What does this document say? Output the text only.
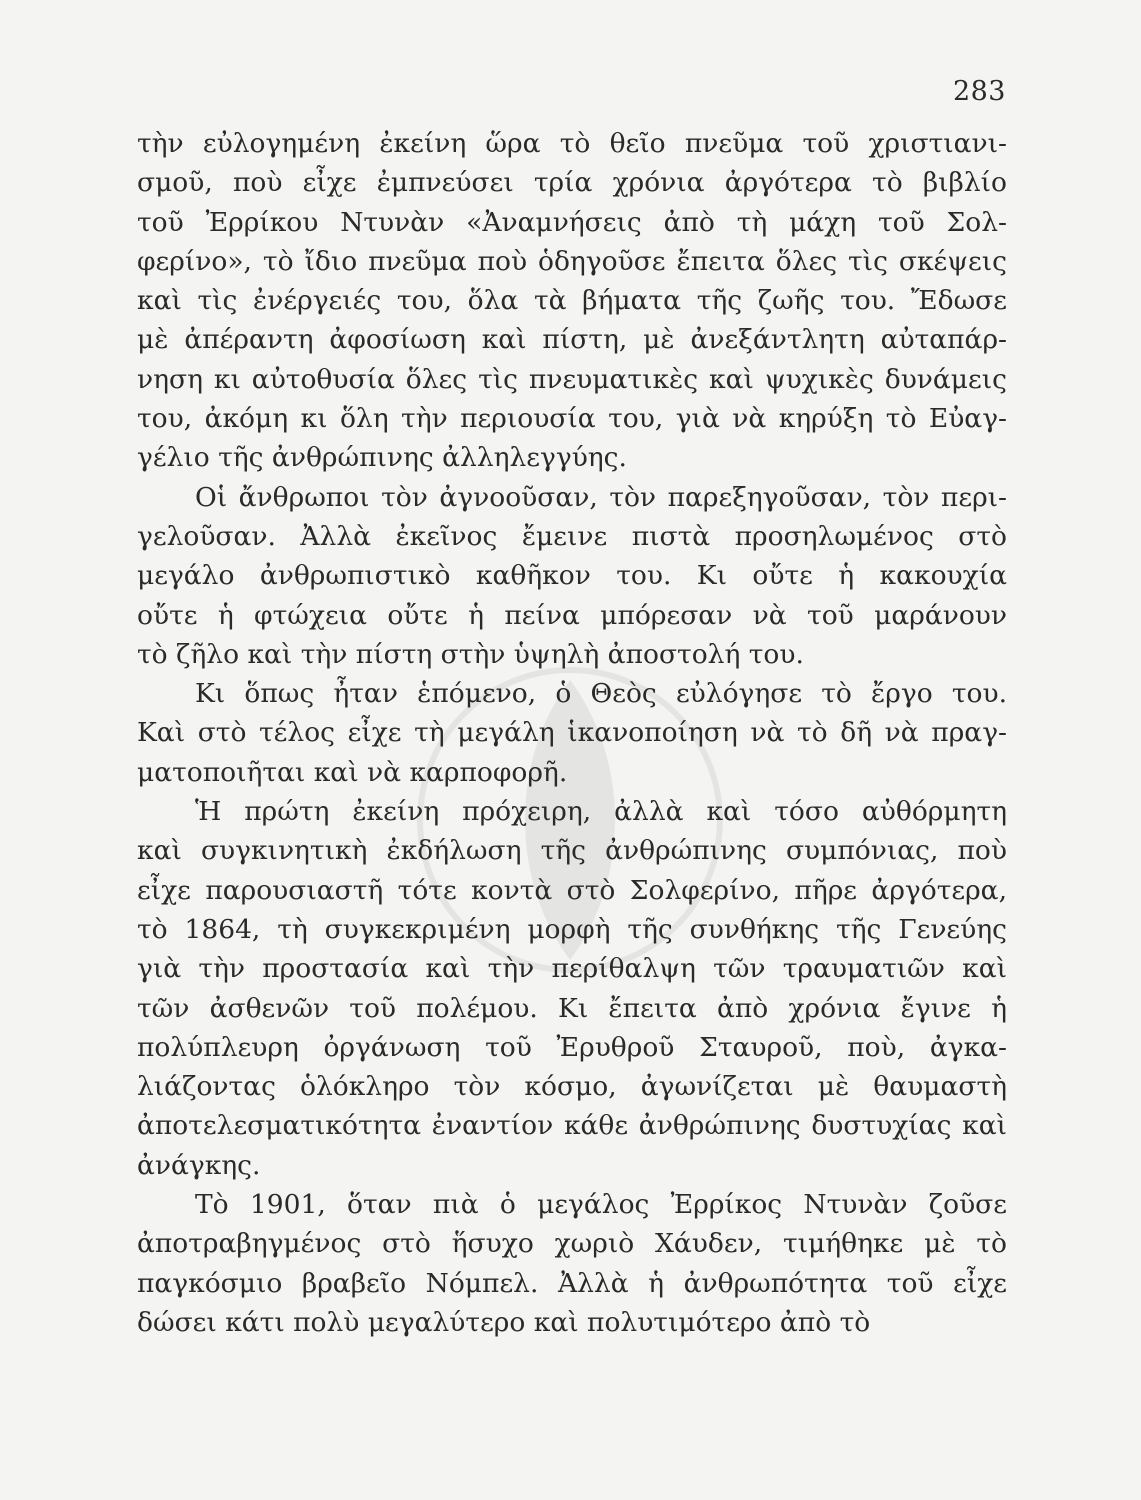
283
τὴν εὐλογημένη ἐκείνη ὥρα τὸ θεῖο πνεῦμα τοῦ χριστιανι-
σμοῦ, ποὺ εἶχε ἐμπνεύσει τρία χρόνια ἀργότερα τὸ βιβλίο
τοῦ Ἐρρίκου Ντυνὰν «Ἀναμνήσεις ἀπὸ τὴ μάχη τοῦ Σολ-
φερίνο», τὸ ἴδιο πνεῦμα ποὺ ὁδηγοῦσε ἔπειτα ὅλες τὶς σκέψεις
καὶ τὶς ἐνέργειές του, ὅλα τὰ βήματα τῆς ζωῆς του. Ἔδωσε
μὲ ἀπέραντη ἀφοσίωση καὶ πίστη, μὲ ἀνεξάντλητη αὐταπάρ-
νηση κι αὐτοθυσία ὅλες τὶς πνευματικὲς καὶ ψυχικὲς δυνάμεις
του, ἀκόμη κι ὅλη τὴν περιουσία του, γιὰ νὰ κηρύξη τὸ Εὐαγ-
γέλιο τῆς ἀνθρώπινης ἀλληλεγγύης.
Οἱ ἄνθρωποι τὸν ἀγνοοῦσαν, τὸν παρεξηγοῦσαν, τὸν περι-
γελοῦσαν. Ἀλλὰ ἐκεῖνος ἔμεινε πιστὰ προσηλωμένος στὸ
μεγάλο ἀνθρωπιστικὸ καθῆκον του. Κι οὔτε ἡ κακουχία
οὔτε ἡ φτώχεια οὔτε ἡ πείνα μπόρεσαν νὰ τοῦ μαράνουν
τὸ ζῆλο καὶ τὴν πίστη στὴν ὑψηλὴ ἀποστολή του.
Κι ὅπως ἦταν ἑπόμενο, ὁ Θεὸς εὐλόγησε τὸ ἔργο του.
Καὶ στὸ τέλος εἶχε τὴ μεγάλη ἱκανοποίηση νὰ τὸ δῆ νὰ πραγ-
ματοποιῆται καὶ νὰ καρποφορῆ.
Ἡ πρώτη ἐκείνη πρόχειρη, ἀλλὰ καὶ τόσο αὐθόρμητη
καὶ συγκινητικὴ ἐκδήλωση τῆς ἀνθρώπινης συμπόνιας, ποὺ
εἶχε παρουσιαστῆ τότε κοντὰ στὸ Σολφερίνο, πῆρε ἀργότερα,
τὸ 1864, τὴ συγκεκριμένη μορφὴ τῆς συνθήκης τῆς Γενεύης
γιὰ τὴν προστασία καὶ τὴν περίθαλψη τῶν τραυματιῶν καὶ
τῶν ἀσθενῶν τοῦ πολέμου. Κι ἔπειτα ἀπὸ χρόνια ἔγινε ἡ
πολύπλευρη ὀργάνωση τοῦ Ἐρυθροῦ Σταυροῦ, ποὺ, ἀγκα-
λιάζοντας ὁλόκληρο τὸν κόσμο, ἀγωνίζεται μὲ θαυμαστὴ
ἀποτελεσματικότητα ἐναντίον κάθε ἀνθρώπινης δυστυχίας καὶ
ἀνάγκης.
Τὸ 1901, ὅταν πιὰ ὁ μεγάλος Ἐρρίκος Ντυνὰν ζοῦσε
ἀποτραβηγμένος στὸ ἥσυχο χωριὸ Χάυδεν, τιμήθηκε μὲ τὸ
παγκόσμιο βραβεῖο Νόμπελ. Ἀλλὰ ἡ ἀνθρωπότητα τοῦ εἶχε
δώσει κάτι πολὺ μεγαλύτερο καὶ πολυτιμότερο ἀπὸ τὸ
